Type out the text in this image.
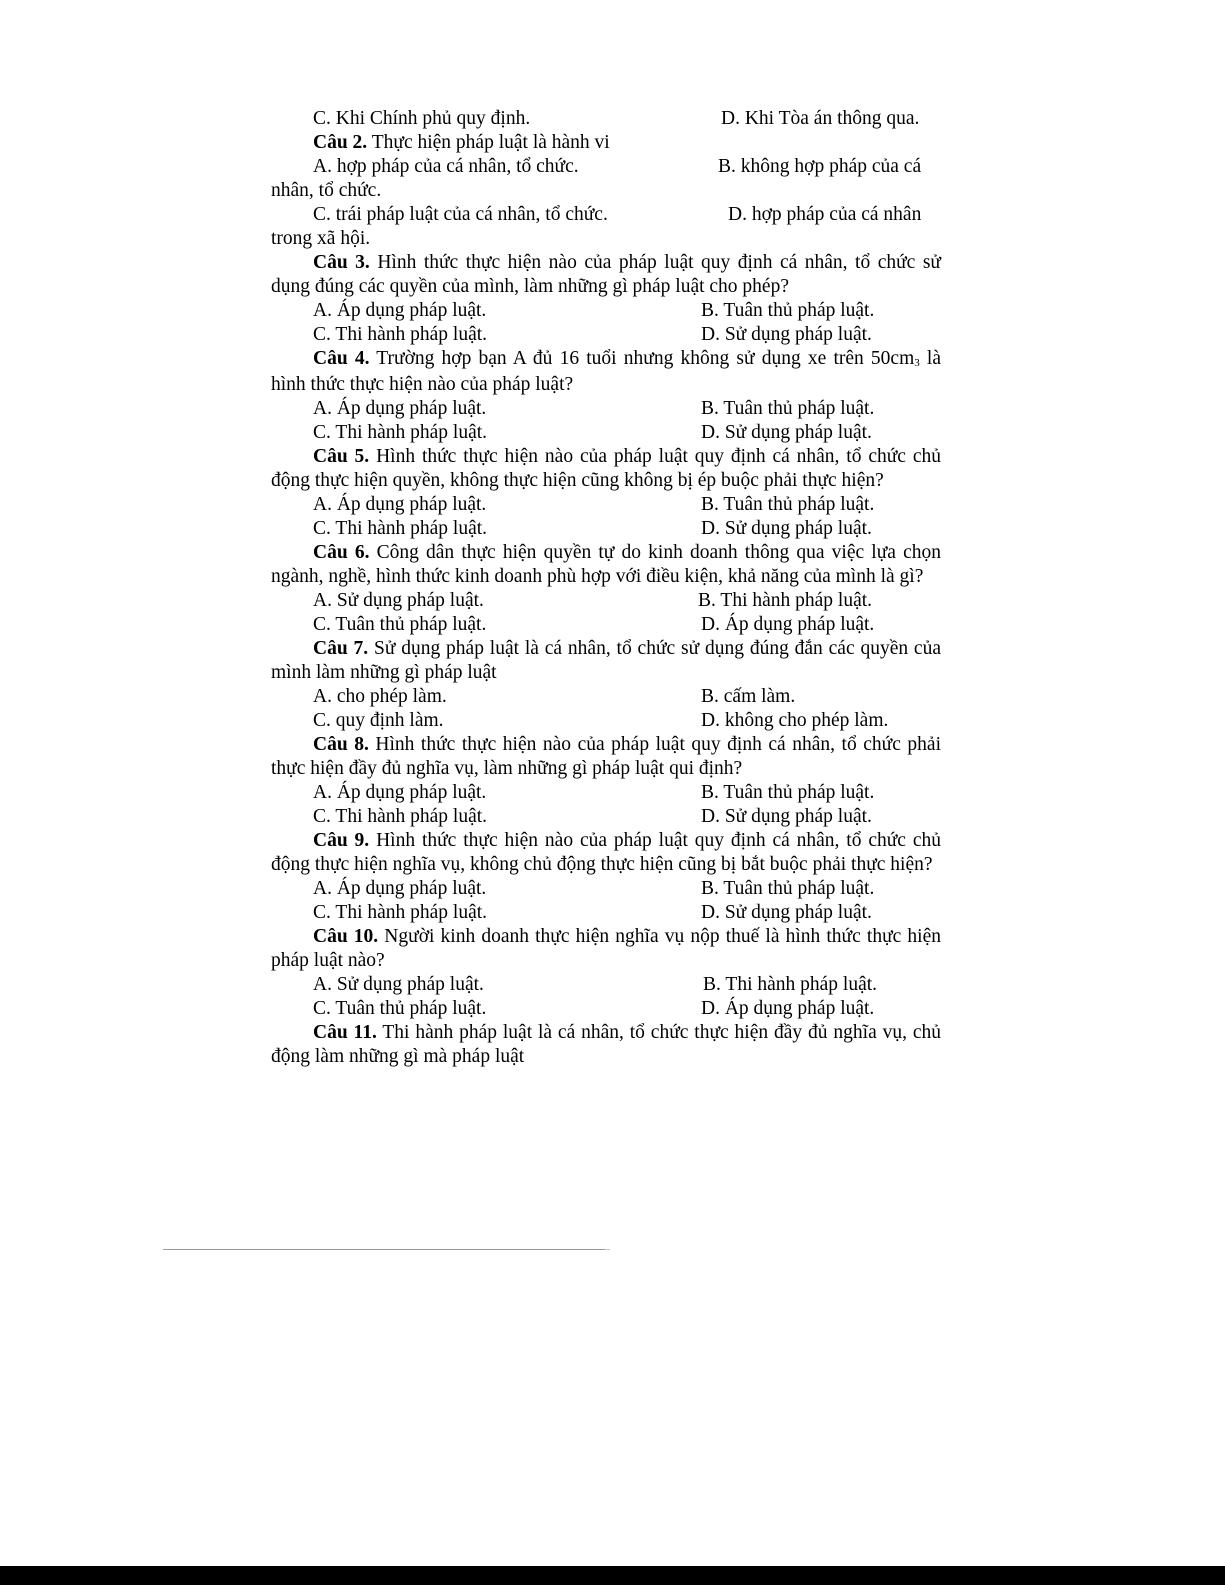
C. Khi Chính phủ quy định.	D. Khi Tòa án thông qua.
Câu 2. Thực hiện pháp luật là hành vi
A. hợp pháp của cá nhân, tổ chức.	B. không hợp pháp của cá
nhân, tổ chức.
C. trái pháp luật của cá nhân, tổ chức.	D. hợp pháp của cá nhân
trong xã hội.
Câu 3. Hình thức thực hiện nào của pháp luật quy định cá nhân, tổ chức sử dụng đúng các quyền của mình, làm những gì pháp luật cho phép?
A. Áp dụng pháp luật.	B. Tuân thủ pháp luật.
C. Thi hành pháp luật.	D. Sử dụng pháp luật.
Câu 4. Trường hợp bạn A đủ 16 tuổi nhưng không sử dụng xe trên 50cm3 là hình thức thực hiện nào của pháp luật?
A. Áp dụng pháp luật.	B. Tuân thủ pháp luật.
C. Thi hành pháp luật.	D. Sử dụng pháp luật.
Câu 5. Hình thức thực hiện nào của pháp luật quy định cá nhân, tổ chức chủ động thực hiện quyền, không thực hiện cũng không bị ép buộc phải thực hiện?
A. Áp dụng pháp luật.	B. Tuân thủ pháp luật.
C. Thi hành pháp luật.	D. Sử dụng pháp luật.
Câu 6. Công dân thực hiện quyền tự do kinh doanh thông qua việc lựa chọn ngành, nghề, hình thức kinh doanh phù hợp với điều kiện, khả năng của mình là gì?
A. Sử dụng pháp luật.	B. Thi hành pháp luật.
C. Tuân thủ pháp luật.	D. Áp dụng pháp luật.
Câu 7. Sử dụng pháp luật là cá nhân, tổ chức sử dụng đúng đắn các quyền của mình làm những gì pháp luật
A. cho phép làm.	B. cấm làm.
C. quy định làm.	D. không cho phép làm.
Câu 8. Hình thức thực hiện nào của pháp luật quy định cá nhân, tổ chức phải thực hiện đầy đủ nghĩa vụ, làm những gì pháp luật qui định?
A. Áp dụng pháp luật.	B. Tuân thủ pháp luật.
C. Thi hành pháp luật.	D. Sử dụng pháp luật.
Câu 9. Hình thức thực hiện nào của pháp luật quy định cá nhân, tổ chức chủ động thực hiện nghĩa vụ, không chủ động thực hiện cũng bị bắt buộc phải thực hiện?
A. Áp dụng pháp luật.	B. Tuân thủ pháp luật.
C. Thi hành pháp luật.	D. Sử dụng pháp luật.
Câu 10. Người kinh doanh thực hiện nghĩa vụ nộp thuế là hình thức thực hiện pháp luật nào?
A. Sử dụng pháp luật.	B. Thi hành pháp luật.
C. Tuân thủ pháp luật.	D. Áp dụng pháp luật.
Câu 11. Thi hành pháp luật là cá nhân, tổ chức thực hiện đầy đủ nghĩa vụ, chủ động làm những gì mà pháp luật
